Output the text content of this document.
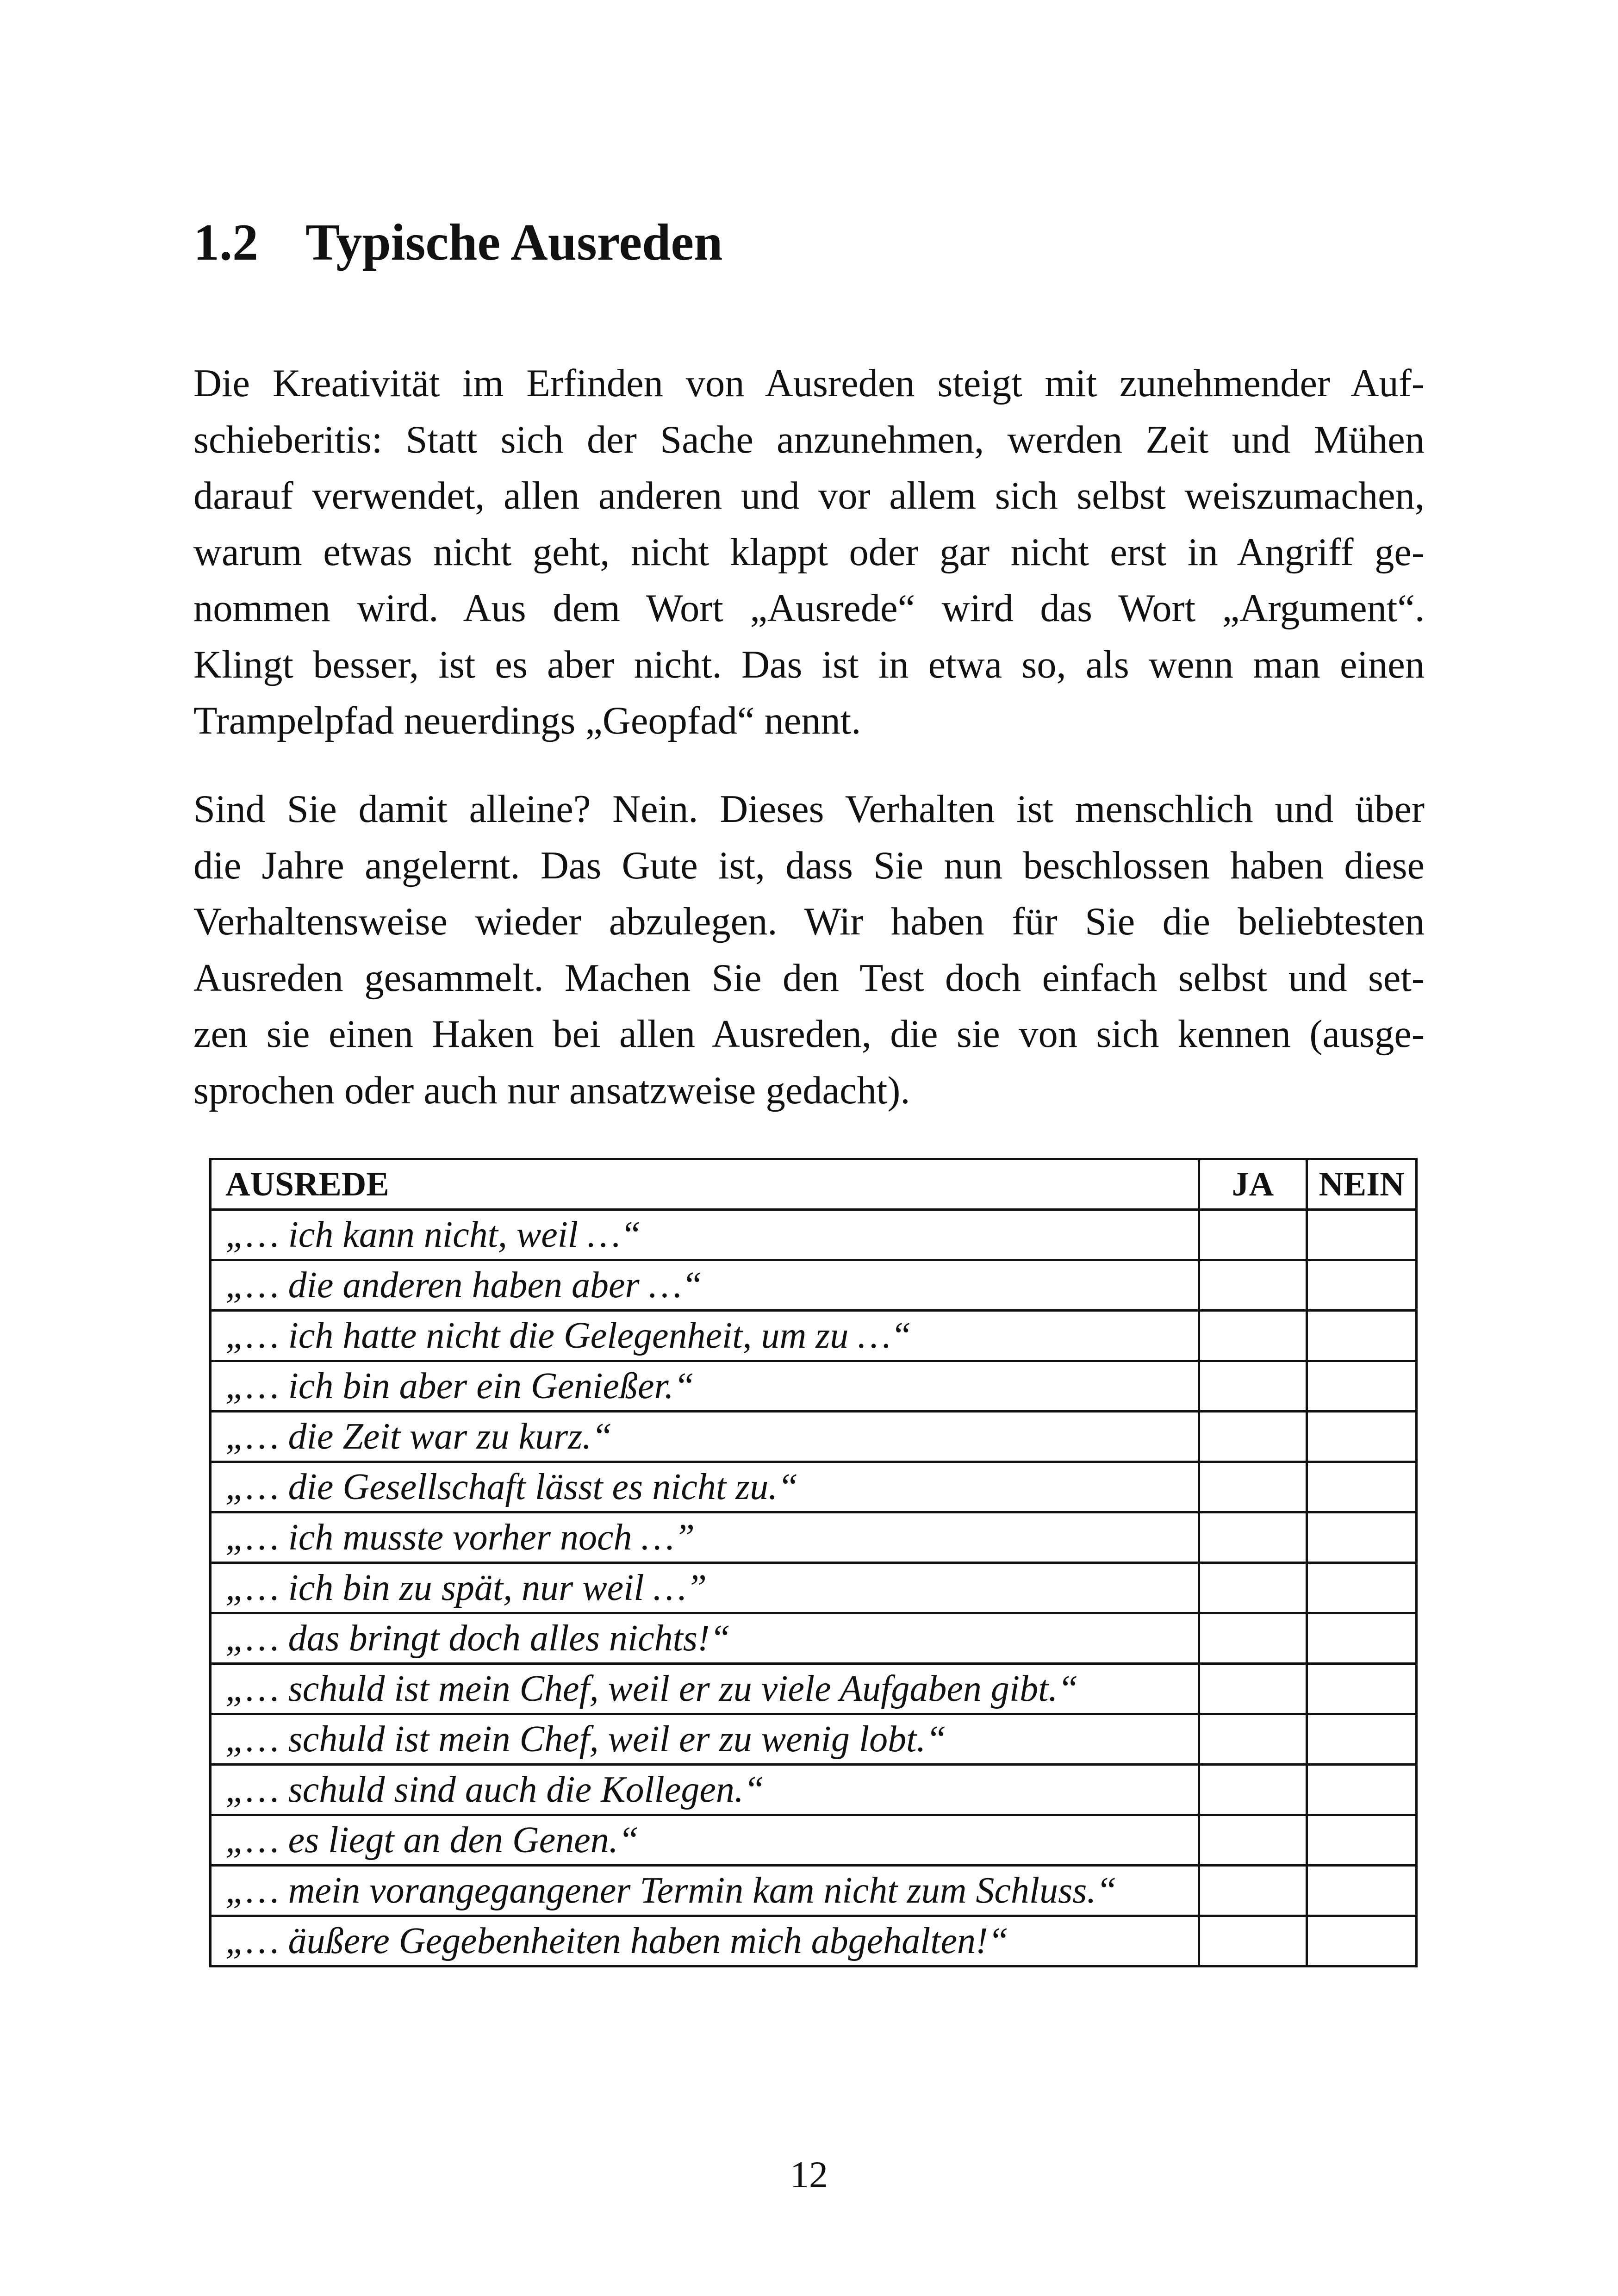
1.2 Typische Ausreden

Die Kreativität im Erfinden von Ausreden steigt mit zunehmender Auf-
schieberitis: Statt sich der Sache anzunehmen, werden Zeit und Mühen
darauf verwendet, allen anderen und vor allem sich selbst weiszumachen,
warum etwas nicht geht, nicht klappt oder gar nicht erst in Angriff ge-
nommen wird. Aus dem Wort „Ausrede“ wird das Wort „Argument“.
Klingt besser, ist es aber nicht. Das ist in etwa so, als wenn man einen
Trampelpfad neuerdings „Geopfad“ nennt.

Sind Sie damit alleine? Nein. Dieses Verhalten ist menschlich und über
die Jahre angelernt. Das Gute ist, dass Sie nun beschlossen haben diese
Verhaltensweise wieder abzulegen. Wir haben für Sie die beliebtesten
Ausreden gesammelt. Machen Sie den Test doch einfach selbst und set-
zen sie einen Haken bei allen Ausreden, die sie von sich kennen (ausge-
sprochen oder auch nur ansatzweise gedacht).

AUSREDE	JA	NEIN
„… ich kann nicht, weil …“		
„… die anderen haben aber …“		
„… ich hatte nicht die Gelegenheit, um zu …“		
„… ich bin aber ein Genießer.“		
„… die Zeit war zu kurz.“		
„… die Gesellschaft lässt es nicht zu.“		
„… ich musste vorher noch …”		
„… ich bin zu spät, nur weil …”		
„… das bringt doch alles nichts!“		
„… schuld ist mein Chef, weil er zu viele Aufgaben gibt.“		
„… schuld ist mein Chef, weil er zu wenig lobt.“		
„… schuld sind auch die Kollegen.“		
„… es liegt an den Genen.“		
„… mein vorangegangener Termin kam nicht zum Schluss.“		
„… äußere Gegebenheiten haben mich abgehalten!“		
12
